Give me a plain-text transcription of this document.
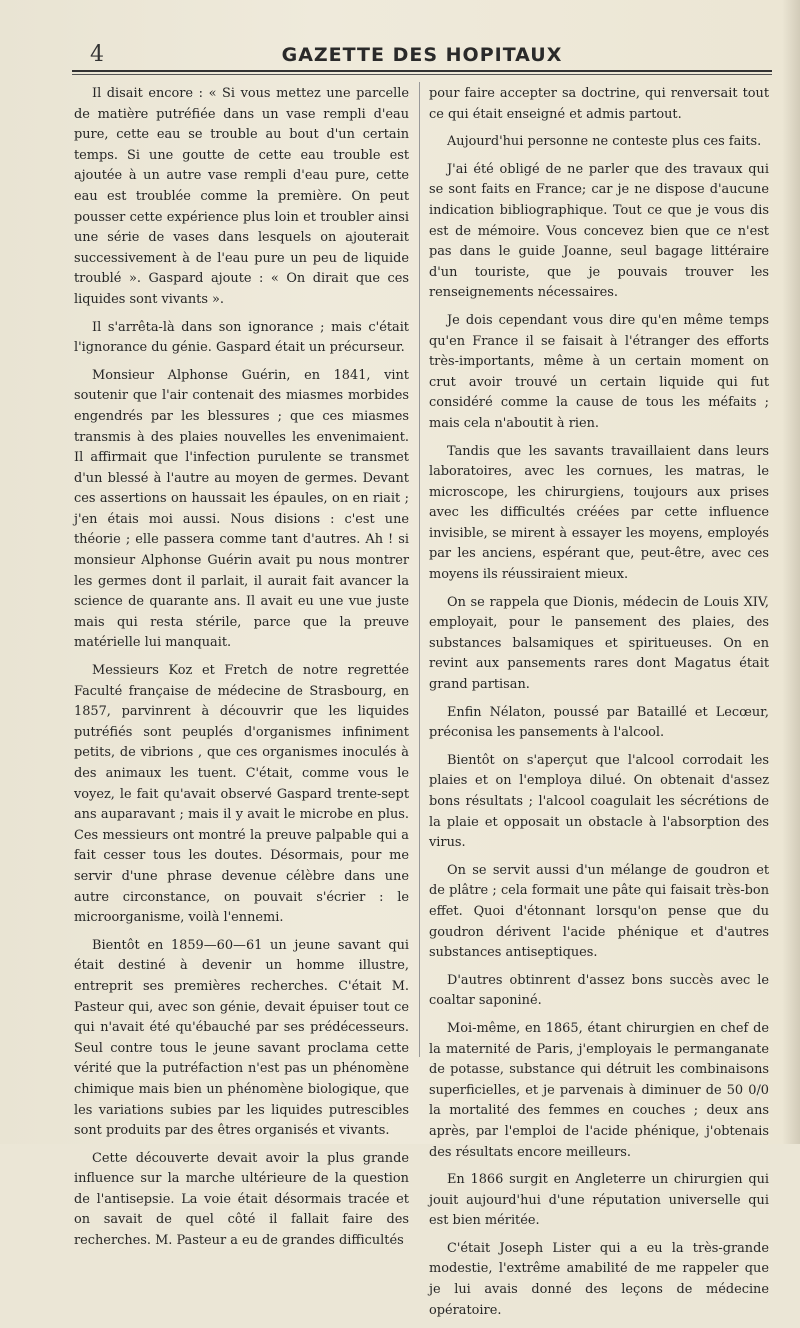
4	GAZETTE DES HOPITAUX

Il disait encore : « Si vous mettez une parcelle de matière putréfiée dans un vase rempli d'eau pure, cette eau se trouble au bout d'un certain temps. Si une goutte de cette eau trouble est ajoutée à un autre vase rempli d'eau pure, cette eau est troublée comme la première. On peut pousser cette expérience plus loin et troubler ainsi une série de vases dans lesquels on ajouterait successivement à de l'eau pure un peu de liquide troublé ». Gaspard ajoute : « On dirait que ces liquides sont vivants ».

Il s'arrêta-là dans son ignorance ; mais c'était l'ignorance du génie. Gaspard était un précurseur.

Monsieur Alphonse Guérin, en 1841, vint soutenir que l'air contenait des miasmes morbides engendrés par les blessures ; que ces miasmes transmis à des plaies nouvelles les envenimaient. Il affirmait que l'infection purulente se transmet d'un blessé à l'autre au moyen de germes. Devant ces assertions on haussait les épaules, on en riait ; j'en étais moi aussi. Nous disions : c'est une théorie ; elle passera comme tant d'autres. Ah ! si monsieur Alphonse Guérin avait pu nous montrer les germes dont il parlait, il aurait fait avancer la science de quarante ans. Il avait eu une vue juste mais qui resta stérile, parce que la preuve matérielle lui manquait.

Messieurs Koz et Fretch de notre regrettée Faculté française de médecine de Strasbourg, en 1857, parvinrent à découvrir que les liquides putréfiés sont peuplés d'organismes infiniment petits, de vibrions , que ces organismes inoculés à des animaux les tuent. C'était, comme vous le voyez, le fait qu'avait observé Gaspard trente-sept ans auparavant ; mais il y avait le microbe en plus. Ces messieurs ont montré la preuve palpable qui a fait cesser tous les doutes. Désormais, pour me servir d'une phrase devenue célèbre dans une autre circonstance, on pouvait s'écrier : le microorganisme, voilà l'ennemi.

Bientôt en 1859—60—61 un jeune savant qui était destiné à devenir un homme illustre, entreprit ses premières recherches. C'était M. Pasteur qui, avec son génie, devait épuiser tout ce qui n'avait été qu'ébauché par ses prédécesseurs. Seul contre tous le jeune savant proclama cette vérité que la putréfaction n'est pas un phénomène chimique mais bien un phénomène biologique, que les variations subies par les liquides putrescibles sont produits par des êtres organisés et vivants.

Cette découverte devait avoir la plus grande influence sur la marche ultérieure de la question de l'antisepsie. La voie était désormais tracée et on savait de quel côté il fallait faire des recherches. M. Pasteur a eu de grandes difficultés

pour faire accepter sa doctrine, qui renversait tout ce qui était enseigné et admis partout.

Aujourd'hui personne ne conteste plus ces faits.

J'ai été obligé de ne parler que des travaux qui se sont faits en France; car je ne dispose d'aucune indication bibliographique. Tout ce que je vous dis est de mémoire. Vous concevez bien que ce n'est pas dans le guide Joanne, seul bagage littéraire d'un touriste, que je pouvais trouver les renseignements nécessaires.

Je dois cependant vous dire qu'en même temps qu'en France il se faisait à l'étranger des efforts très-importants, même à un certain moment on crut avoir trouvé un certain liquide qui fut considéré comme la cause de tous les méfaits ; mais cela n'aboutit à rien.

Tandis que les savants travaillaient dans leurs laboratoires, avec les cornues, les matras, le microscope, les chirurgiens, toujours aux prises avec les difficultés créées par cette influence invisible, se mirent à essayer les moyens, employés par les anciens, espérant que, peut-être, avec ces moyens ils réussiraient mieux.

On se rappela que Dionis, médecin de Louis XIV, employait, pour le pansement des plaies, des substances balsamiques et spiritueuses. On en revint aux pansements rares dont Magatus était grand partisan.

Enfin Nélaton, poussé par Bataillé et Lecœur, préconisa les pansements à l'alcool.

Bientôt on s'aperçut que l'alcool corrodait les plaies et on l'employa dilué. On obtenait d'assez bons résultats ; l'alcool coagulait les sécrétions de la plaie et opposait un obstacle à l'absorption des virus.

On se servit aussi d'un mélange de goudron et de plâtre ; cela formait une pâte qui faisait très-bon effet. Quoi d'étonnant lorsqu'on pense que du goudron dérivent l'acide phénique et d'autres substances antiseptiques.

D'autres obtinrent d'assez bons succès avec le coaltar saponiné.

Moi-même, en 1865, étant chirurgien en chef de la maternité de Paris, j'employais le permanganate de potasse, substance qui détruit les combinaisons superficielles, et je parvenais à diminuer de 50 0/0 la mortalité des femmes en couches ; deux ans après, par l'emploi de l'acide phénique, j'obtenais des résultats encore meilleurs.

En 1866 surgit en Angleterre un chirurgien qui jouit aujourd'hui d'une réputation universelle qui est bien méritée.

C'était Joseph Lister qui a eu la très-grande modestie, l'extrême amabilité de me rappeler que je lui avais donné des leçons de médecine opératoire.
